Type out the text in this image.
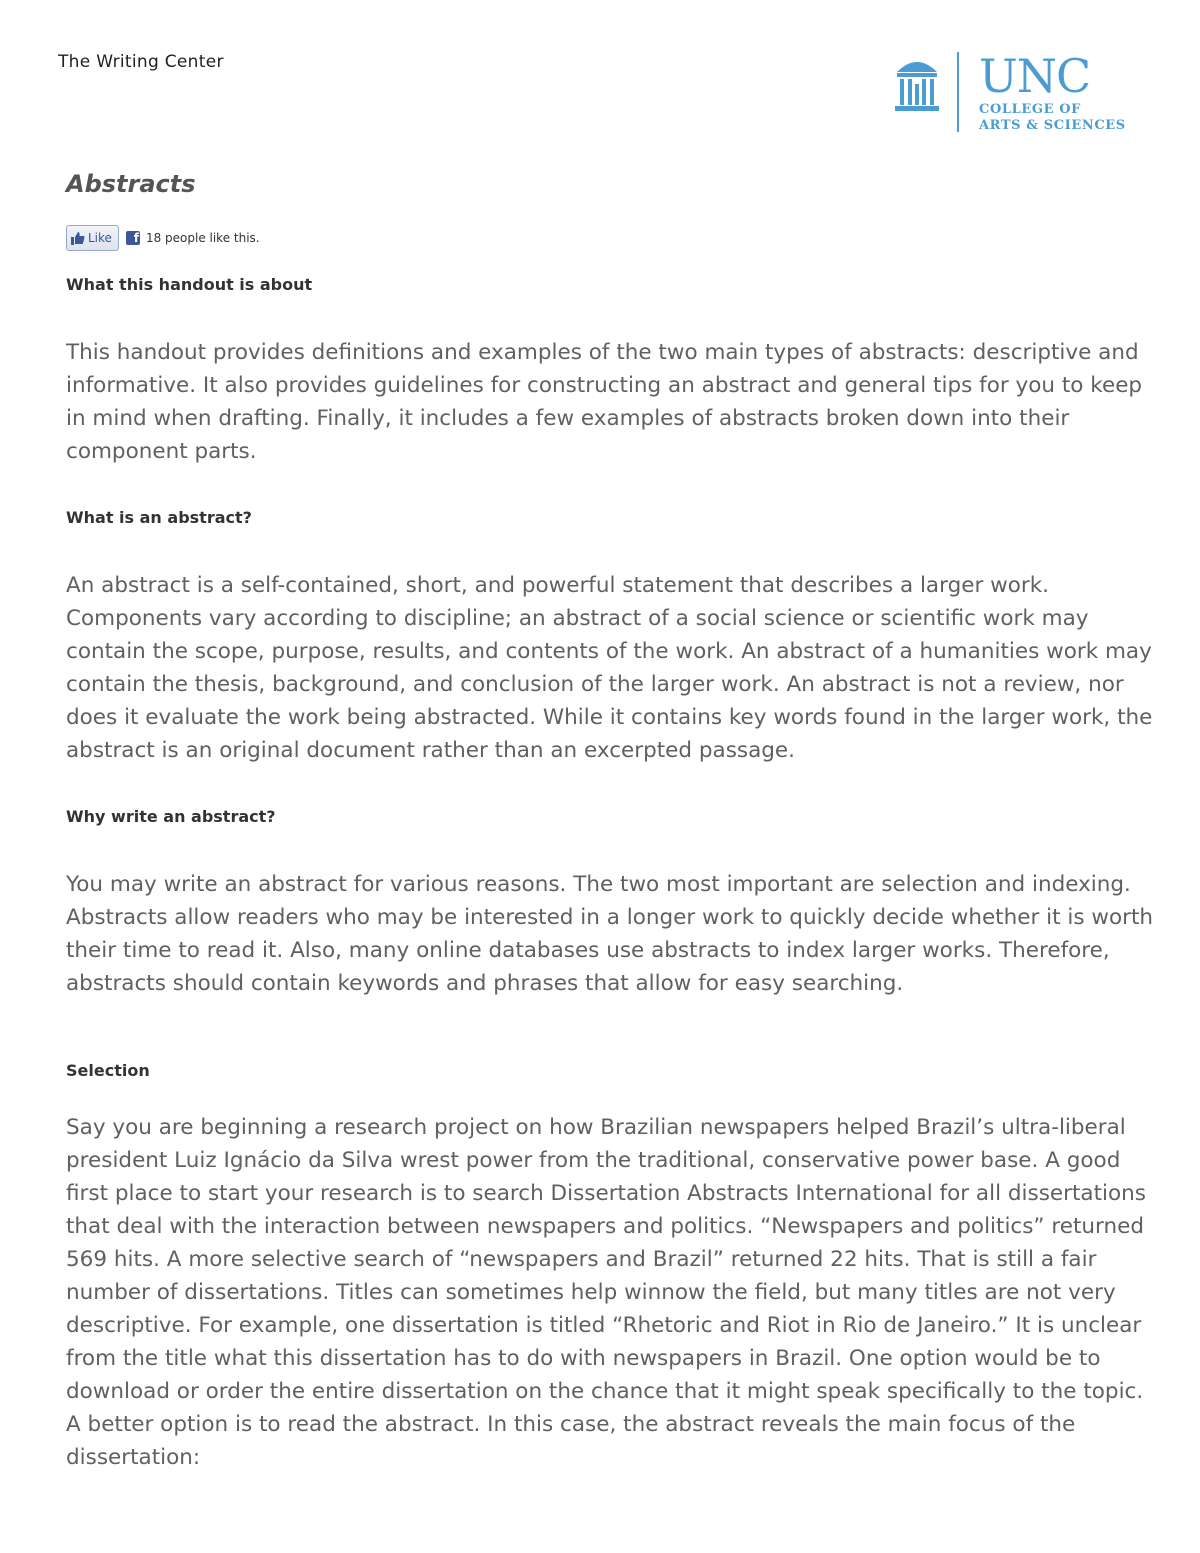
The Writing Center	UNC
COLLEGE OF
ARTS & SCIENCES
Abstracts
Like	f 18 people like this.
What this handout is about

This handout provides definitions and examples of the two main types of abstracts: descriptive and informative. It also provides guidelines for constructing an abstract and general tips for you to keep in mind when drafting. Finally, it includes a few examples of abstracts broken down into their component parts.

What is an abstract?

An abstract is a self-contained, short, and powerful statement that describes a larger work. Components vary according to discipline; an abstract of a social science or scientific work may contain the scope, purpose, results, and contents of the work. An abstract of a humanities work may contain the thesis, background, and conclusion of the larger work. An abstract is not a review, nor does it evaluate the work being abstracted. While it contains key words found in the larger work, the abstract is an original document rather than an excerpted passage.

Why write an abstract?

You may write an abstract for various reasons. The two most important are selection and indexing. Abstracts allow readers who may be interested in a longer work to quickly decide whether it is worth their time to read it. Also, many online databases use abstracts to index larger works. Therefore, abstracts should contain keywords and phrases that allow for easy searching.

Selection

Say you are beginning a research project on how Brazilian newspapers helped Brazil’s ultra-liberal president Luiz Ignácio da Silva wrest power from the traditional, conservative power base. A good first place to start your research is to search Dissertation Abstracts International for all dissertations that deal with the interaction between newspapers and politics. “Newspapers and politics” returned 569 hits. A more selective search of “newspapers and Brazil” returned 22 hits. That is still a fair number of dissertations. Titles can sometimes help winnow the field, but many titles are not very descriptive. For example, one dissertation is titled “Rhetoric and Riot in Rio de Janeiro.” It is unclear from the title what this dissertation has to do with newspapers in Brazil. One option would be to download or order the entire dissertation on the chance that it might speak specifically to the topic. A better option is to read the abstract. In this case, the abstract reveals the main focus of the dissertation:
